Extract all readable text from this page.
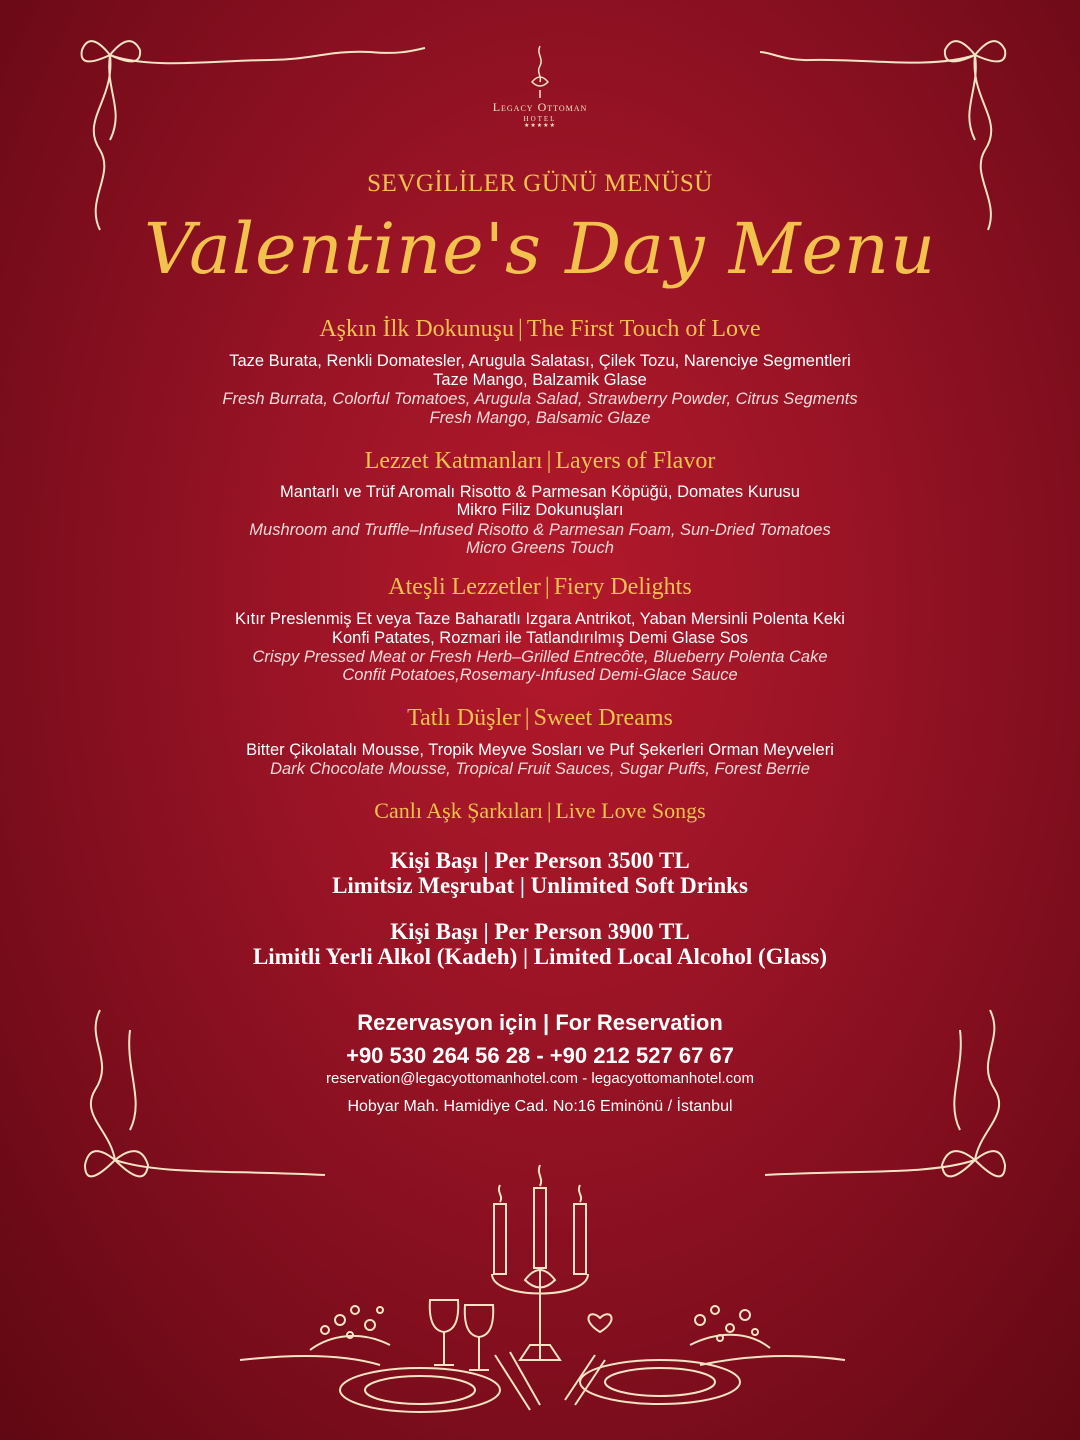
Legacy Ottoman
HOTEL
★★★★★
SEVGİLİLER GÜNÜ MENÜSÜ
Valentine's Day Menu
Aşkın İlk Dokunuşu | The First Touch of Love
Taze Burata, Renkli Domatesler, Arugula Salatası, Çilek Tozu, Narenciye Segmentleri
Taze Mango, Balzamik Glase
Fresh Burrata, Colorful Tomatoes, Arugula Salad, Strawberry Powder, Citrus Segments
Fresh Mango, Balsamic Glaze
Lezzet Katmanları | Layers of Flavor
Mantarlı ve Trüf Aromalı Risotto & Parmesan Köpüğü, Domates Kurusu
Mikro Filiz Dokunuşları
Mushroom and Truffle–Infused Risotto & Parmesan Foam, Sun-Dried Tomatoes
Micro Greens Touch
Ateşli Lezzetler | Fiery Delights
Kıtır Preslenmiş Et veya Taze Baharatlı Izgara Antrikot, Yaban Mersinli Polenta Keki
Konfi Patates, Rozmari ile Tatlandırılmış Demi Glase Sos
Crispy Pressed Meat or Fresh Herb–Grilled Entrecôte, Blueberry Polenta Cake
Confit Potatoes,Rosemary-Infused Demi-Glace Sauce
Tatlı Düşler | Sweet Dreams
Bitter Çikolatalı Mousse, Tropik Meyve Sosları ve Puf Şekerleri Orman Meyveleri
Dark Chocolate Mousse, Tropical Fruit Sauces, Sugar Puffs, Forest Berrie
Canlı Aşk Şarkıları | Live Love Songs
Kişi Başı | Per Person 3500 TL
Limitsiz Meşrubat | Unlimited Soft Drinks
Kişi Başı | Per Person 3900 TL
Limitli Yerli Alkol (Kadeh) | Limited Local Alcohol (Glass)
Rezervasyon için | For Reservation
+90 530 264 56 28 - +90 212 527 67 67
reservation@legacyottomanhotel.com - legacyottomanhotel.com
Hobyar Mah. Hamidiye Cad. No:16 Eminönü / İstanbul
